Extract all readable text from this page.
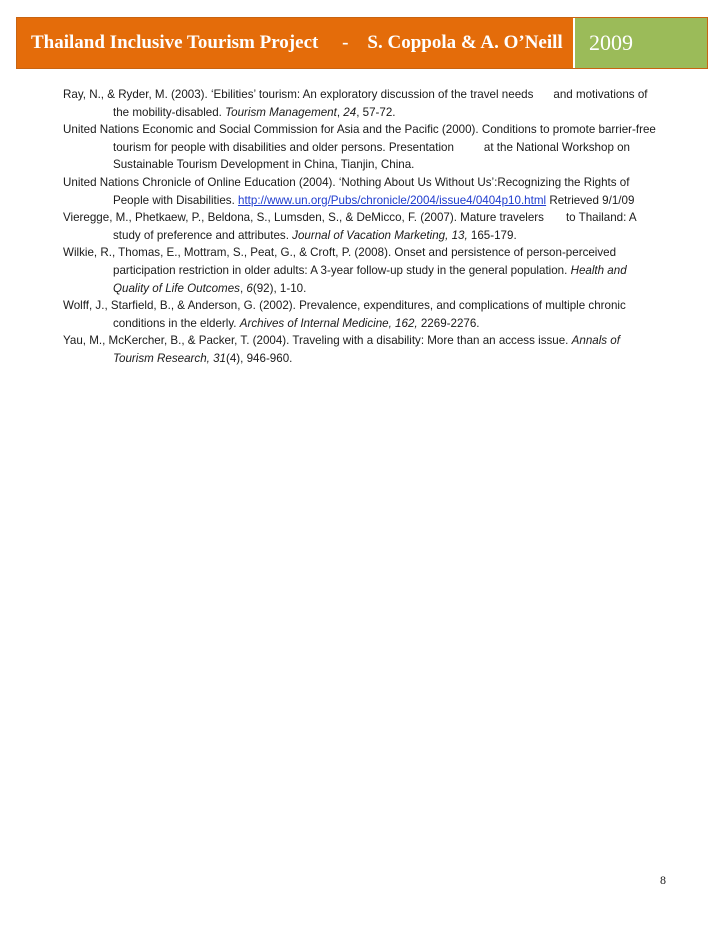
Thailand Inclusive Tourism Project     -    S. Coppola & A. O’Neill	2009

Ray, N., & Ryder, M. (2003). ‘Ebilities’ tourism: An exploratory discussion of the travel needs and motivations of the mobility-disabled. Tourism Management, 24, 57-72.

United Nations Economic and Social Commission for Asia and the Pacific (2000). Conditions to promote barrier-free tourism for people with disabilities and older persons. Presentation	at the National Workshop on Sustainable Tourism Development in China, Tianjin, China.

United Nations Chronicle of Online Education (2004). ‘Nothing About Us Without Us’:Recognizing the Rights of People with Disabilities. http://www.un.org/Pubs/chronicle/2004/issue4/0404p10.html Retrieved 9/1/09

Vieregge, M., Phetkaew, P., Beldona, S., Lumsden, S., & DeMicco, F. (2007). Mature travelers to Thailand: A study of preference and attributes. Journal of Vacation Marketing, 13, 165-179.

Wilkie, R., Thomas, E., Mottram, S., Peat, G., & Croft, P. (2008). Onset and persistence of person-perceived participation restriction in older adults: A 3-year follow-up study in the general population. Health and Quality of Life Outcomes, 6(92), 1-10.

Wolff, J., Starfield, B., & Anderson, G. (2002). Prevalence, expenditures, and complications of multiple chronic conditions in the elderly. Archives of Internal Medicine, 162, 2269-2276.

Yau, M., McKercher, B., & Packer, T. (2004). Traveling with a disability: More than an access issue. Annals of Tourism Research, 31(4), 946-960.

8
